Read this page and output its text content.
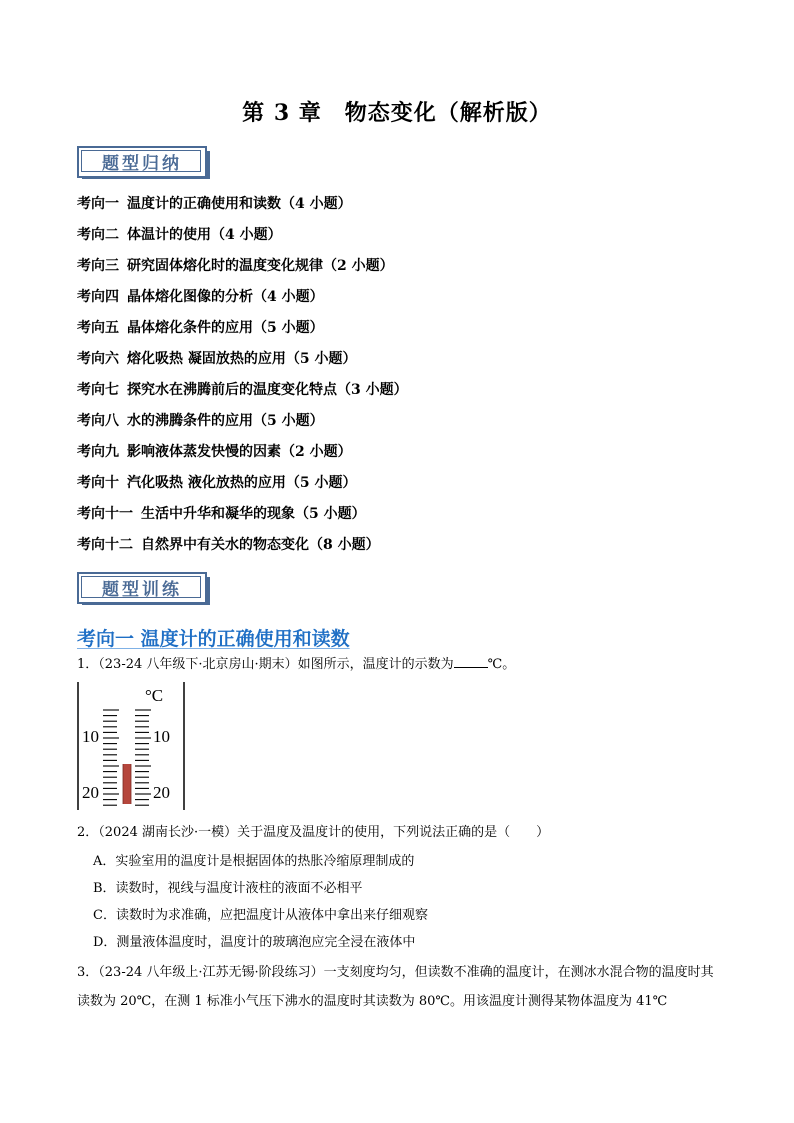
第 3 章　物态变化（解析版）
题型归纳
考向一 温度计的正确使用和读数（4 小题）
考向二 体温计的使用（4 小题）
考向三 研究固体熔化时的温度变化规律（2 小题）
考向四 晶体熔化图像的分析（4 小题）
考向五 晶体熔化条件的应用（5 小题）
考向六 熔化吸热 凝固放热的应用（5 小题）
考向七 探究水在沸腾前后的温度变化特点（3 小题）
考向八 水的沸腾条件的应用（5 小题）
考向九 影响液体蒸发快慢的因素（2 小题）
考向十 汽化吸热 液化放热的应用（5 小题）
考向十一 生活中升华和凝华的现象（5 小题）
考向十二 自然界中有关水的物态变化（8 小题）
题型训练
考向一 温度计的正确使用和读数
1．（23-24 八年级下·北京房山·期末）如图所示，温度计的示数为	℃。
°C
10	10
20	20
2．（2024 湖南长沙·一模）关于温度及温度计的使用，下列说法正确的是（　　）
A．实验室用的温度计是根据固体的热胀冷缩原理制成的
B．读数时，视线与温度计液柱的液面不必相平
C．读数时为求准确，应把温度计从液体中拿出来仔细观察
D．测量液体温度时，温度计的玻璃泡应完全浸在液体中
3．（23-24 八年级上·江苏无锡·阶段练习）一支刻度均匀，但读数不准确的温度计，在测冰水混合物的温度时其读数为 20℃，在测 1 标准小气压下沸水的温度时其读数为 80℃。用该温度计测得某物体温度为 41℃
